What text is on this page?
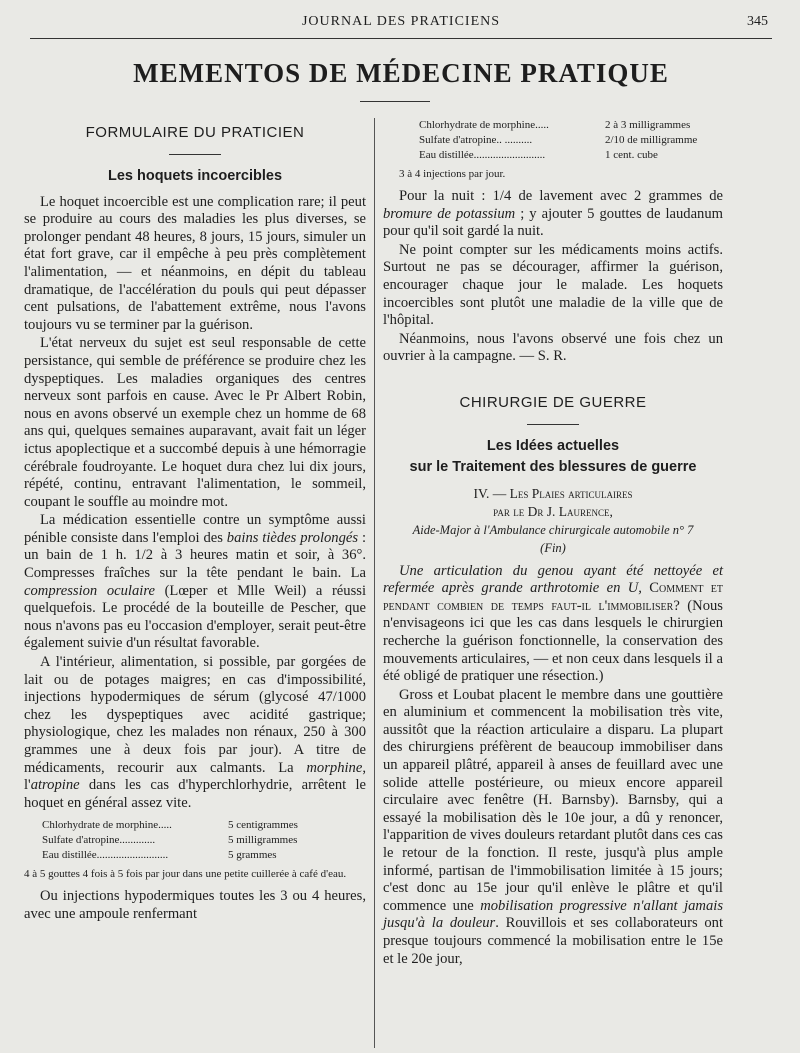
JOURNAL DES PRATICIENS	345
MEMENTOS DE MÉDECINE PRATIQUE
FORMULAIRE DU PRATICIEN
Les hoquets incoercibles

Le hoquet incoercible est une complication rare; il peut se produire au cours des maladies les plus diverses, se prolonger pendant 48 heures, 8 jours, 15 jours, simuler un état fort grave, car il empêche à peu près complètement l'alimentation, — et néanmoins, en dépit du tableau dramatique, de l'accélération du pouls qui peut dépasser cent pulsations, de l'abattement extrême, nous l'avons toujours vu se terminer par la guérison.

L'état nerveux du sujet est seul responsable de cette persistance, qui semble de préférence se produire chez les dyspeptiques. Les maladies organiques des centres nerveux sont parfois en cause. Avec le Pr Albert Robin, nous en avons observé un exemple chez un homme de 68 ans qui, quelques semaines auparavant, avait fait un léger ictus apoplectique et a succombé depuis à une hémorragie cérébrale foudroyante. Le hoquet dura chez lui dix jours, répété, continu, entravant l'alimentation, le sommeil, coupant le souffle au moindre mot.

La médication essentielle contre un symptôme aussi pénible consiste dans l'emploi des bains tièdes prolongés : un bain de 1 h. 1/2 à 3 heures matin et soir, à 36°. Compresses fraîches sur la tête pendant le bain. La compression oculaire (Lœper et Mlle Weil) a réussi quelquefois. Le procédé de la bouteille de Pescher, que nous n'avons pas eu l'occasion d'employer, serait peut-être également suivie d'un résultat favorable.

A l'intérieur, alimentation, si possible, par gorgées de lait ou de potages maigres; en cas d'impossibilité, injections hypodermiques de sérum (glycosé 47/1000 chez les dyspeptiques avec acidité gastrique; physiologique, chez les malades non rénaux, 250 à 300 grammes une à deux fois par jour). A titre de médicaments, recourir aux calmants. La morphine, l'atropine dans les cas d'hyperchlorhydrie, arrêtent le hoquet en général assez vite.

Chlorhydrate de morphine.....	5 centigrammes
Sulfate d'atropine.............	5 milligrammes
Eau distillée..........................	5 grammes
4 à 5 gouttes 4 fois à 5 fois par jour dans une petite cuillerée à café d'eau.

Ou injections hypodermiques toutes les 3 ou 4 heures, avec une ampoule renfermant

Chlorhydrate de morphine.....	2 à 3 milligrammes
Sulfate d'atropine.. ..........	2/10 de milligramme
Eau distillée..........................	1 cent. cube
3 à 4 injections par jour.

Pour la nuit : 1/4 de lavement avec 2 grammes de bromure de potassium ; y ajouter 5 gouttes de laudanum pour qu'il soit gardé la nuit.

Ne point compter sur les médicaments moins actifs. Surtout ne pas se décourager, affirmer la guérison, encourager chaque jour le malade. Les hoquets incoercibles sont plutôt une maladie de la ville que de l'hôpital.

Néanmoins, nous l'avons observé une fois chez un ouvrier à la campagne. — S. R.

CHIRURGIE DE GUERRE
Les Idées actuelles
sur le Traitement des blessures de guerre
IV. — Les Plaies articulaires
par le Dr J. Laurence,
Aide-Major à l'Ambulance chirurgicale automobile n° 7
(Fin)

Une articulation du genou ayant été nettoyée et refermée après grande arthrotomie en U, Comment et pendant combien de temps faut-il l'immobiliser? (Nous n'envisageons ici que les cas dans lesquels le chirurgien recherche la guérison fonctionnelle, la conservation des mouvements articulaires, — et non ceux dans lesquels il a été obligé de pratiquer une résection.)

Gross et Loubat placent le membre dans une gouttière en aluminium et commencent la mobilisation très vite, aussitôt que la réaction articulaire a disparu. La plupart des chirurgiens préfèrent de beaucoup immobiliser dans un appareil plâtré, appareil à anses de feuillard avec une solide attelle postérieure, ou mieux encore appareil circulaire avec fenêtre (H. Barnsby). Barnsby, qui a essayé la mobilisation dès le 10e jour, a dû y renoncer, l'apparition de vives douleurs retardant plutôt dans ces cas le retour de la fonction. Il reste, jusqu'à plus ample informé, partisan de l'immobilisation limitée à 15 jours; c'est donc au 15e jour qu'il enlève le plâtre et qu'il commence une mobilisation progressive n'allant jamais jusqu'à la douleur. Rouvillois et ses collaborateurs ont presque toujours commencé la mobilisation entre le 15e et le 20e jour,
